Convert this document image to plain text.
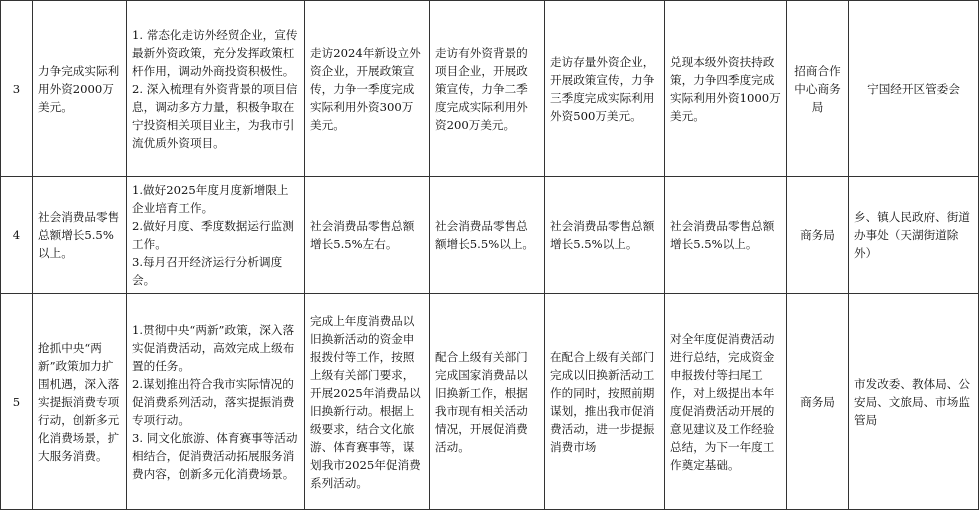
3	力争完成实际利用外资2000万美元。	1. 常态化走访外经贸企业，宣传最新外资政策，充分发挥政策杠杆作用，调动外商投资积极性。
2. 深入梳理有外资背景的项目信息，调动多方力量，积极争取在宁投资相关项目业主，为我市引流优质外资项目。	走访2024年新设立外资企业，开展政策宣传，力争一季度完成实际利用外资300万美元。	走访有外资背景的项目企业，开展政策宣传，力争二季度完成实际利用外资200万美元。	走访存量外资企业，开展政策宣传，力争三季度完成实际利用外资500万美元。	兑现本级外资扶持政策，力争四季度完成实际利用外资1000万美元。	招商合作中心商务局	宁国经开区管委会
4	社会消费品零售总额增长5.5%以上。	1.做好2025年度月度新增限上企业培育工作。
2.做好月度、季度数据运行监测工作。
3.每月召开经济运行分析调度会。	社会消费品零售总额增长5.5%左右。	社会消费品零售总额增长5.5%以上。	社会消费品零售总额增长5.5%以上。	社会消费品零售总额增长5.5%以上。	商务局	乡、镇人民政府、街道办事处（天湖街道除外）
5	抢抓中央“两新”政策加力扩围机遇，深入落实提振消费专项行动，创新多元化消费场景，扩大服务消费。	1.贯彻中央“两新”政策，深入落实促消费活动，高效完成上级布置的任务。
2.谋划推出符合我市实际情况的促消费系列活动，落实提振消费专项行动。
3. 同文化旅游、体育赛事等活动相结合，促消费活动拓展服务消费内容，创新多元化消费场景。	完成上年度消费品以旧换新活动的资金申报拨付等工作，按照上级有关部门要求，开展2025年消费品以旧换新行动。根据上级要求，结合文化旅游、体育赛事等，谋划我市2025年促消费系列活动。	配合上级有关部门完成国家消费品以旧换新工作，根据我市现有相关活动情况，开展促消费活动。	在配合上级有关部门完成以旧换新活动工作的同时，按照前期谋划，推出我市促消费活动，进一步提振消费市场	对全年度促消费活动进行总结，完成资金申报拨付等扫尾工作，对上级提出本年度促消费活动开展的意见建议及工作经验总结，为下一年度工作奠定基础。	商务局	市发改委、教体局、公安局、文旅局、市场监管局
